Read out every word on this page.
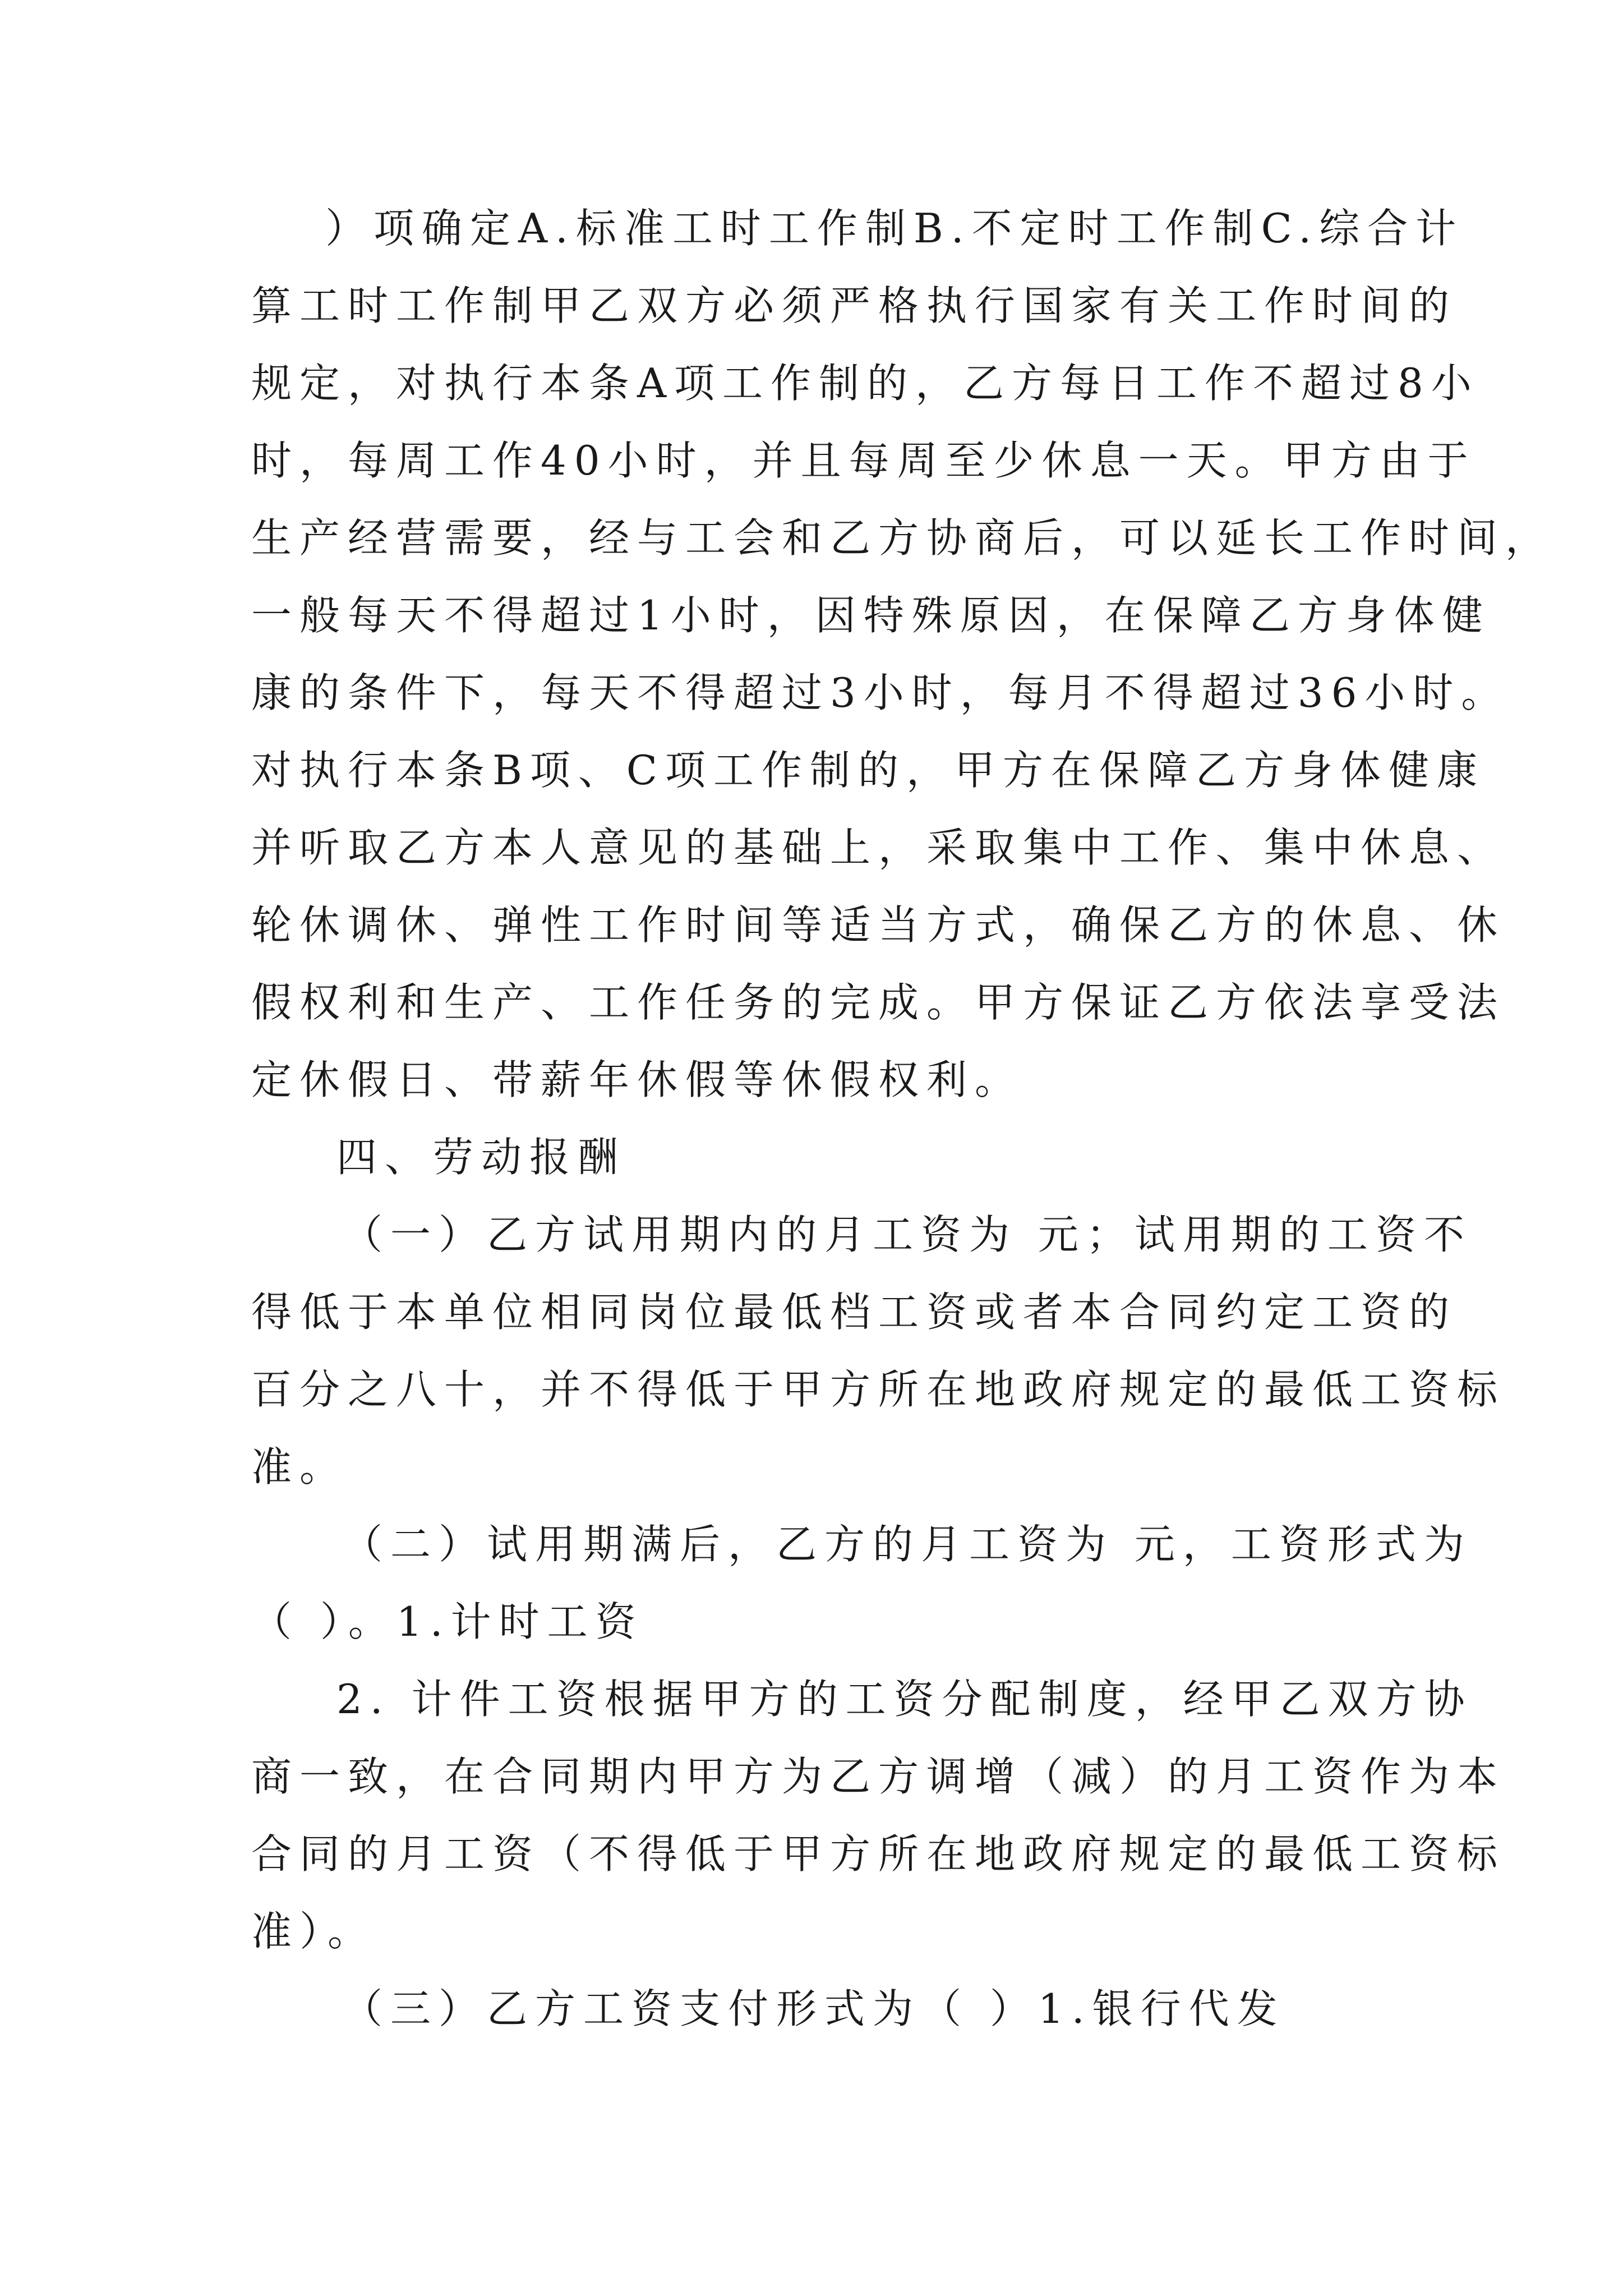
）项确定A.标准工时工作制B.不定时工作制C.综合计
算工时工作制甲乙双方必须严格执行国家有关工作时间的
规定，对执行本条A项工作制的，乙方每日工作不超过8小
时，每周工作40小时，并且每周至少休息一天。甲方由于
生产经营需要，经与工会和乙方协商后，可以延长工作时间，
一般每天不得超过1小时，因特殊原因，在保障乙方身体健
康的条件下，每天不得超过3小时，每月不得超过36小时。
对执行本条B项、C项工作制的，甲方在保障乙方身体健康
并听取乙方本人意见的基础上，采取集中工作、集中休息、
轮休调休、弹性工作时间等适当方式，确保乙方的休息、休
假权利和生产、工作任务的完成。甲方保证乙方依法享受法
定休假日、带薪年休假等休假权利。
四、劳动报酬
（一）乙方试用期内的月工资为 元；试用期的工资不
得低于本单位相同岗位最低档工资或者本合同约定工资的
百分之八十，并不得低于甲方所在地政府规定的最低工资标
准。
（二）试用期满后，乙方的月工资为 元，工资形式为
（ ）。1.计时工资
2. 计件工资根据甲方的工资分配制度，经甲乙双方协
商一致，在合同期内甲方为乙方调增（减）的月工资作为本
合同的月工资（不得低于甲方所在地政府规定的最低工资标
准）。
（三）乙方工资支付形式为（ ）1.银行代发
